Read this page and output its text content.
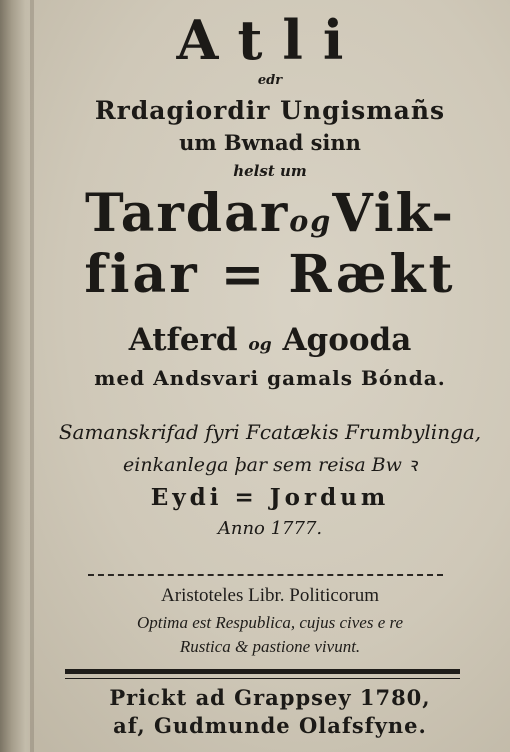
Atli
edr
Rrdagiordir Ungismañs
um Bwnad sinn
helst um
TardarogVik-
fiar = Rækt
Atferd og Agooda
med Andsvari gamals Bónda.
Samanskrifad fyri Fcatækis Frumbylinga,
einkanlega þar sem reisa Bw ꝛ
Eydi = Jordum
Anno 1777.
Aristoteles Libr. Politicorum
Optima est Respublica, cujus cives e re
Rustica & pastione vivunt.
Prickt ad Grappsey 1780,
af, Gudmunde Olafsfyne.
